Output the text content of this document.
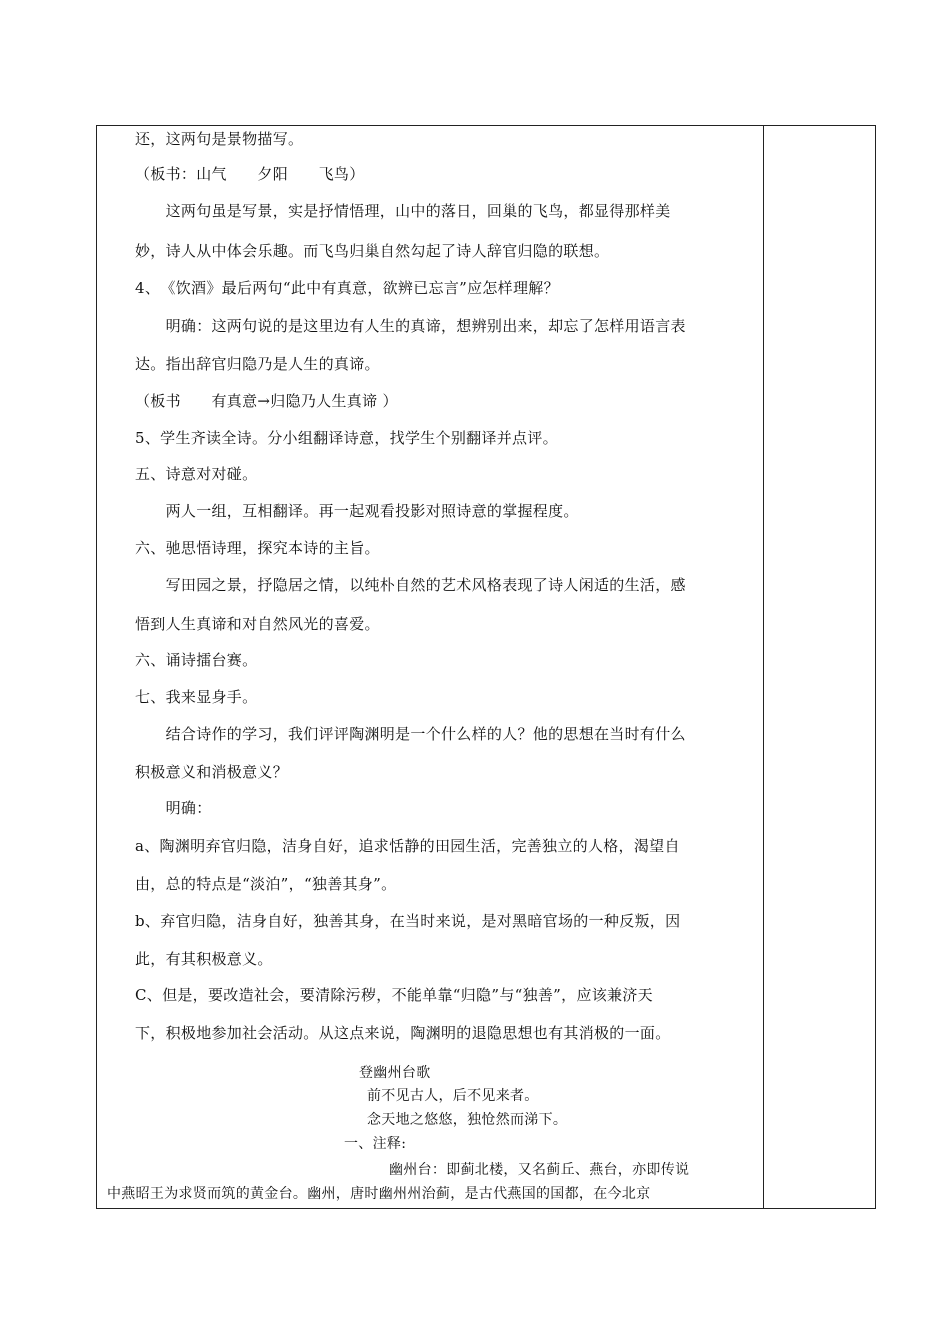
还，这两句是景物描写。
（板书：山气　　夕阳　　飞鸟）
　　这两句虽是写景，实是抒情悟理，山中的落日，回巢的飞鸟，都显得那样美
妙，诗人从中体会乐趣。而飞鸟归巢自然勾起了诗人辞官归隐的联想。
4、　《饮酒》最后两句“此中有真意，欲辨已忘言”应怎样理解？
　　明确：这两句说的是这里边有人生的真谛，想辨别出来，却忘了怎样用语言表
达。指出辞官归隐乃是人生的真谛。
（板书　　有真意→归隐乃人生真谛 ）
5、学生齐读全诗。分小组翻译诗意，找学生个别翻译并点评。
五、诗意对对碰。
　　两人一组，互相翻译。再一起观看投影对照诗意的掌握程度。
六、驰思悟诗理，探究本诗的主旨。
　　写田园之景，抒隐居之情，以纯朴自然的艺术风格表现了诗人闲适的生活，感
悟到人生真谛和对自然风光的喜爱。
六、诵诗擂台赛。
七、我来显身手。
　　结合诗作的学习，我们评评陶渊明是一个什么样的人？他的思想在当时有什么
积极意义和消极意义？
　　明确：
a、陶渊明弃官归隐，洁身自好，追求恬静的田园生活，完善独立的人格，渴望自
由，总的特点是“淡泊”，“独善其身”。
b、弃官归隐，洁身自好，独善其身，在当时来说，是对黑暗官场的一种反叛，因
此，有其积极意义。
C、但是，要改造社会，要清除污秽，不能单靠“归隐”与“独善”，应该兼济天
下，积极地参加社会活动。从这点来说，陶渊明的退隐思想也有其消极的一面。
登幽州台歌
前不见古人，后不见来者。
念天地之悠悠，独怆然而涕下。
一、注释:
幽州台：即蓟北楼，又名蓟丘、燕台，亦即传说
中燕昭王为求贤而筑的黄金台。幽州，唐时幽州州治蓟，是古代燕国的国都，在今北京
